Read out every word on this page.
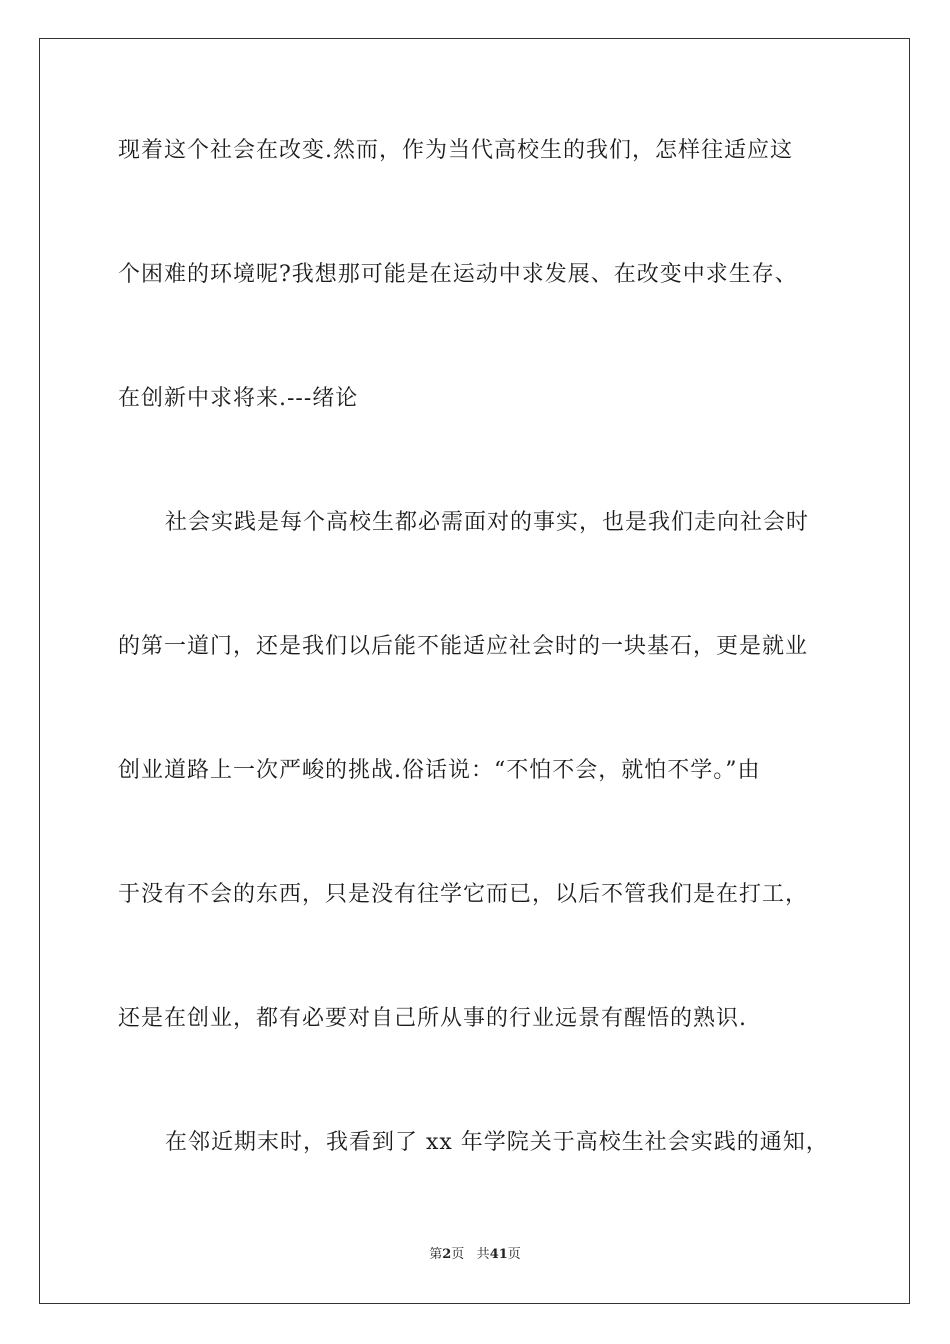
现着这个社会在改变.然而，作为当代高校生的我们，怎样往适应这
个困难的环境呢?我想那可能是在运动中求发展、在改变中求生存、
在创新中求将来.---绪论
社会实践是每个高校生都必需面对的事实，也是我们走向社会时
的第一道门，还是我们以后能不能适应社会时的一块基石，更是就业
创业道路上一次严峻的挑战.俗话说：“不怕不会，就怕不学。”由
于没有不会的东西，只是没有往学它而已，以后不管我们是在打工，
还是在创业，都有必要对自己所从事的行业远景有醒悟的熟识.
在邻近期末时，我看到了 xx 年学院关于高校生社会实践的通知，
第2页 共41页
